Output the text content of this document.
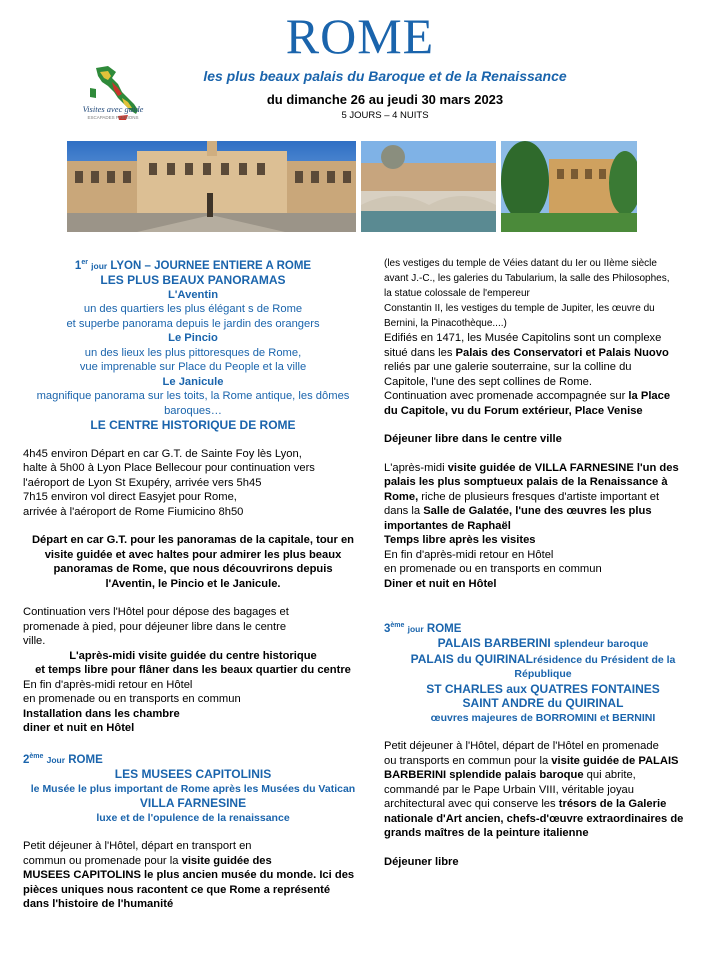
ROME
les plus beaux palais du Baroque et de la Renaissance
du dimanche 26 au jeudi 30 mars 2023
5 JOURS – 4 NUITS
Visites avec guide
ESCAPADES PASSIONS
1er jour LYON – JOURNEE ENTIERE A ROME
LES PLUS BEAUX PANORAMAS
L'Aventin
un des quartiers les plus élégant s de Rome
et superbe panorama depuis le jardin des orangers
Le Pincio
un des lieux les plus pittoresques de Rome,
vue imprenable sur Place du People et la ville
Le Janicule
magnifique panorama sur les toits, la Rome antique, les dômes
baroques…
LE CENTRE HISTORIQUE DE ROME
4h45 environ Départ en car G.T. de Sainte Foy lès Lyon,
halte à 5h00 à Lyon Place Bellecour pour continuation vers
l'aéroport de Lyon St Exupéry, arrivée vers 5h45
7h15 environ vol direct Easyjet pour Rome,
arrivée à l'aéroport de Rome Fiumicino 8h50
Départ en car G.T. pour les panoramas de la capitale, tour en
visite guidée et avec haltes pour admirer les plus beaux
panoramas de Rome, que nous découvrirons depuis
l'Aventin, le Pincio et le Janicule.
Continuation vers l'Hôtel pour dépose des bagages et
promenade à pied, pour déjeuner libre dans le centre
ville.
L'après-midi visite guidée du centre historique
et temps libre pour flâner dans les beaux quartier du centre
En fin d'après-midi retour en Hôtel
en promenade ou en transports en commun
Installation dans les chambre
diner et nuit en Hôtel
2ème Jour ROME
LES MUSEES CAPITOLINIS
le Musée le plus important de Rome après les Musées du Vatican
VILLA FARNESINE
luxe et de l'opulence de la renaissance
Petit déjeuner à l'Hôtel, départ en transport en
commun ou promenade pour la visite guidée des
MUSEES CAPITOLINS le plus ancien musée du monde. Ici des
pièces uniques nous racontent ce que Rome a représenté
dans l'histoire de l'humanité
(les vestiges du temple de Véies datant du Ier ou IIème siècle
avant J.-C., les galeries du Tabularium, la salle des Philosophes,
la statue colossale de l'empereur
Constantin II, les vestiges du temple de Jupiter, les œuvre du
Bernini, la Pinacothèque....)
Edifiés en 1471, les Musée Capitolins sont un complexe
situé dans les Palais des Conservatori et Palais Nuovo
reliés par une galerie souterraine, sur la colline du
Capitole, l'une des sept collines de Rome.
Continuation avec promenade accompagnée sur la Place
du Capitole, vu du Forum extérieur, Place Venise
Déjeuner libre dans le centre ville
L'après-midi visite guidée de VILLA FARNESINE l'un des
palais les plus somptueux palais de la Renaissance à
Rome, riche de plusieurs fresques d'artiste important et
dans la Salle de Galatée, l'une des œuvres les plus
importantes de Raphaël
Temps libre après les visites
En fin d'après-midi retour en Hôtel
en promenade ou en transports en commun
Diner et nuit en Hôtel
3ème jour ROME
PALAIS BARBERINI splendeur baroque
PALAIS du QUIRINALrésidence du Président de la
République
ST CHARLES aux QUATRES FONTAINES
SAINT ANDRE du QUIRINAL
œuvres majeures de BORROMINI et BERNINI
Petit déjeuner à l'Hôtel, départ de l'Hôtel en promenade
ou transports en commun pour la visite guidée de PALAIS
BARBERINI splendide palais baroque qui abrite,
commandé par le Pape Urbain VIII, véritable joyau
architectural avec qui conserve les trésors de la Galerie
nationale d'Art ancien, chefs-d'œuvre extraordinaires de
grands maîtres de la peinture italienne
Déjeuner libre
